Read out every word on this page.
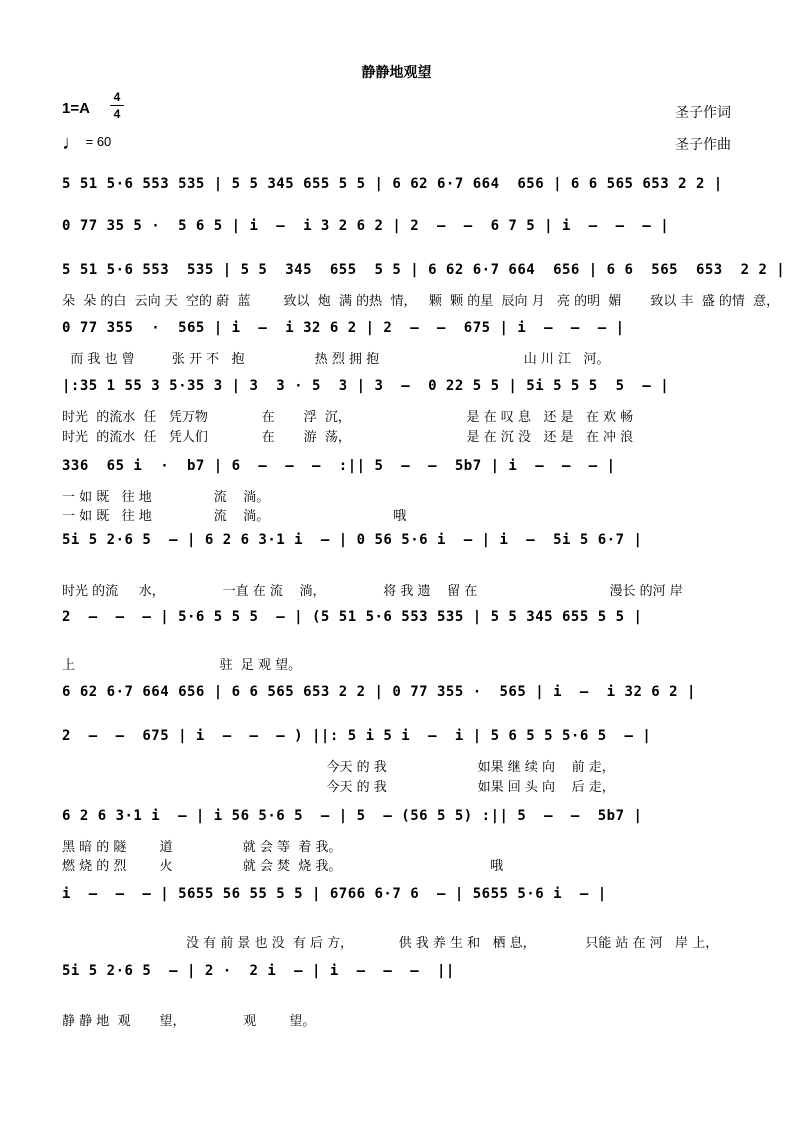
静静地观望
1=A
4
4
♩ = 60
圣子作词
圣子作曲
5 51 5·6 553 535 | 5 5 345 655 5 5 | 6 62 6·7 664  656 | 6 6 565 653 2 2 |
0 77 35 5 ·  5 6 5 | i  –  i 3 2 6 2 | 2  –  –  6 7 5 | i  –  –  – |
5 51 5·6 553  535 | 5 5  345  655  5 5 | 6 62 6·7 664  656 | 6 6  565  653  2 2 |
0 77 355  ·  565 | i  –  i 32 6 2 | 2  –  –  675 | i  –  –  – |
|:35 1 55 3 5·35 3 | 3  3 · 5  3 | 3  –  0 22 5 5 | 5i 5 5 5  5  – |
336  65 i  ·  b7 | 6  –  –  –  :|| 5  –  –  5b7 | i  –  –  – |
5i 5 2·6 5  – | 6 2 6 3·1 i  – | 0 56 5·6 i  – | i  –  5i 5 6·7 |
2  –  –  – | 5·6 5 5 5  – | (5 51 5·6 553 535 | 5 5 345 655 5 5 |
6 62 6·7 664 656 | 6 6 565 653 2 2 | 0 77 355 ·  565 | i  –  i 32 6 2 |
2  –  –  675 | i  –  –  – ) ||: 5 i 5 i  –  i | 5 6 5 5 5·6 5  – |
6 2 6 3·1 i  – | i 56 5·6 5  – | 5  – (56 5 5) :|| 5  –  –  5b7 |
i  –  –  – | 5655 56 55 5 5 | 6766 6·7 6  – | 5655 5·6 i  – |
5i 5 2·6 5  – | 2 ·  2 i  – | i  –  –  –  ||
朵  朵 的白  云向 天  空的 蔚  蓝        致以  炮  满 的热  情，   颗  颗 的星  辰向 月   亮 的明  媚       致以 丰  盛 的情  意，
而 我 也 曾         张 开 不   抱                 热 烈 拥 抱                                   山 川 江   河。
时光  的流水  任   凭万物             在       浮  沉，                            是 在 叹 息   还 是   在 欢 畅
时光  的流水  任   凭人们             在       游  荡，                            是 在 沉 没   还 是   在 冲 浪
一 如 既   往 地               流    淌。
一 如 既   往 地               流    淌。                              哦
时光 的流     水，              一直 在 流    淌，              将 我 遗    留 在                                漫长 的河 岸
上                                   驻  足 观 望。
今天 的 我                      如果 继 续 向    前 走，
今天 的 我                      如果 回 头 向    后 走，
黑 暗 的 隧        道                 就 会 等  着 我。
燃 烧 的 烈        火                 就 会 焚  烧 我。                                    哦
没 有 前 景 也 没  有 后 方，           供 我 养 生 和   栖 息，            只能 站 在 河   岸 上，
静 静 地  观       望，              观        望。
